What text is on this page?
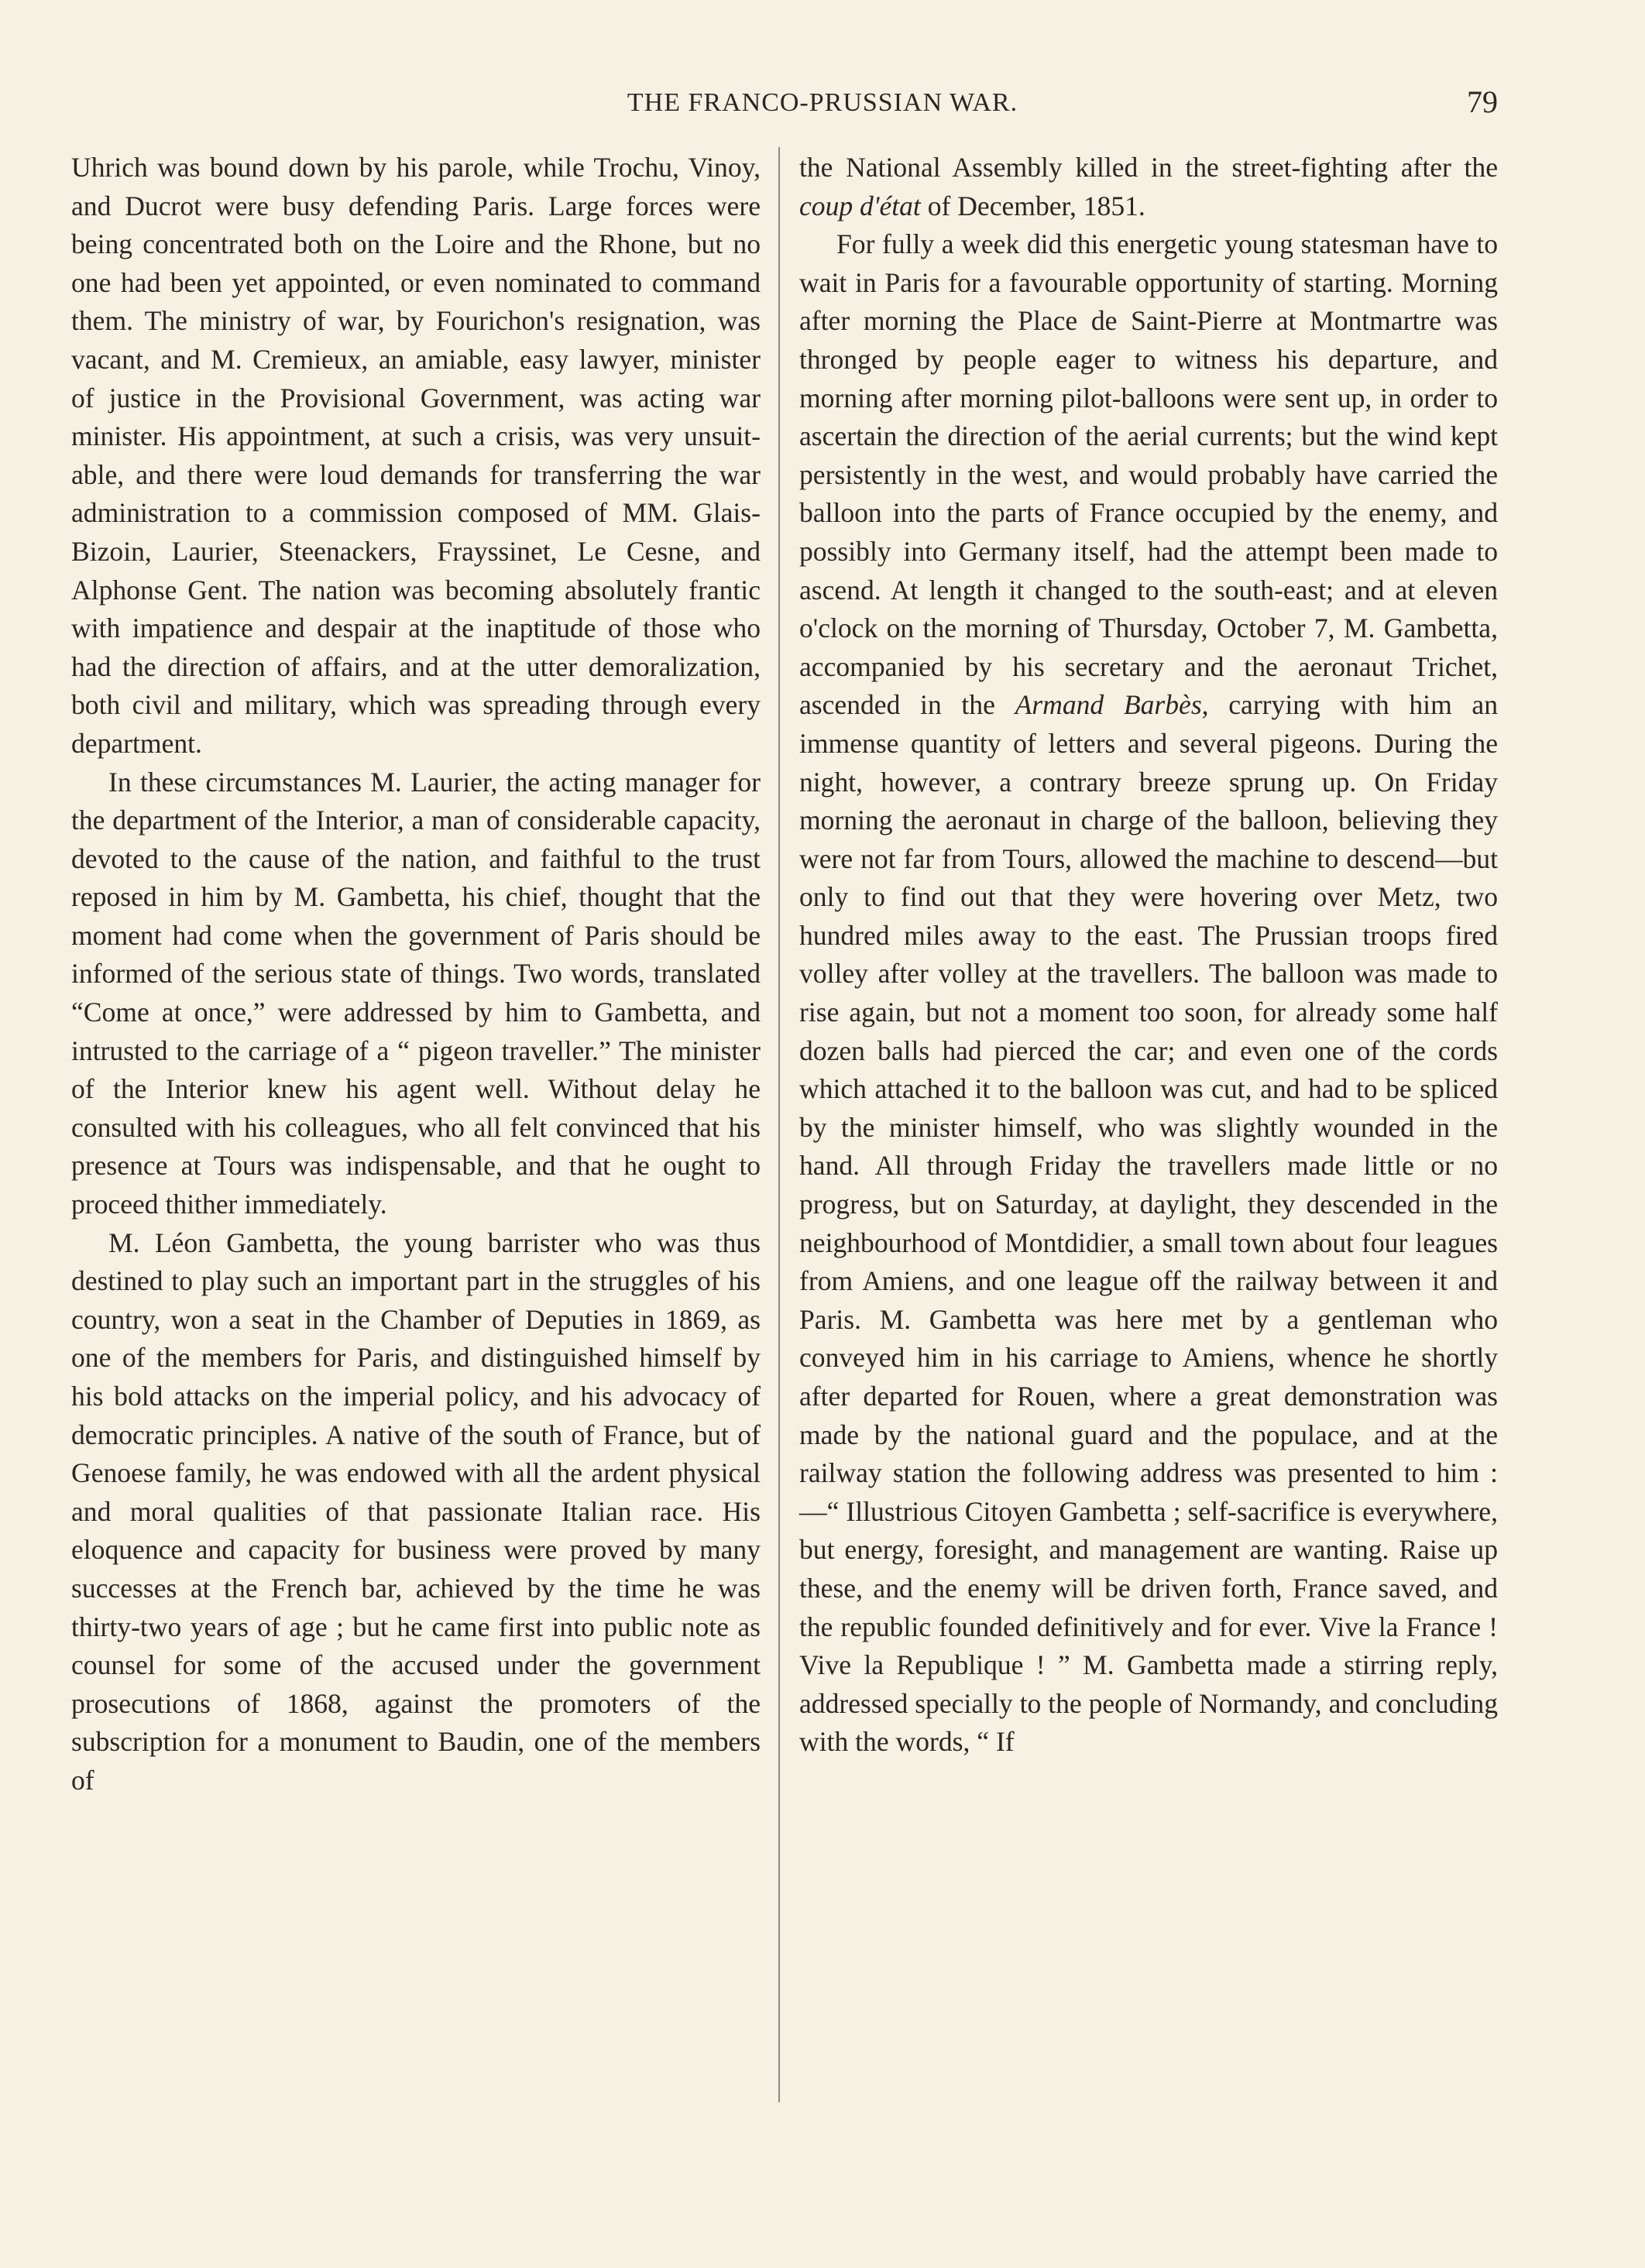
THE FRANCO-PRUSSIAN WAR.	79

Uhrich was bound down by his parole, while Trochu, Vinoy, and Ducrot were busy defending Paris. Large forces were being concentrated both on the Loire and the Rhone, but no one had been yet appointed, or even nominated to command them. The ministry of war, by Fourichon's resignation, was vacant, and M. Cremieux, an amiable, easy lawyer, minister of justice in the Provisional Government, was acting war minister. His appointment, at such a crisis, was very unsuitable, and there were loud demands for transferring the war administration to a commission composed of MM. Glais-Bizoin, Laurier, Steenackers, Frayssinet, Le Cesne, and Alphonse Gent. The nation was becoming absolutely frantic with impatience and despair at the inaptitude of those who had the direction of affairs, and at the utter demoralization, both civil and military, which was spreading through every department.

In these circumstances M. Laurier, the acting manager for the department of the Interior, a man of considerable capacity, devoted to the cause of the nation, and faithful to the trust reposed in him by M. Gambetta, his chief, thought that the moment had come when the government of Paris should be informed of the serious state of things. Two words, translated “Come at once,” were addressed by him to Gambetta, and intrusted to the carriage of a “ pigeon traveller.” The minister of the Interior knew his agent well. Without delay he consulted with his colleagues, who all felt convinced that his presence at Tours was indispensable, and that he ought to proceed thither immediately.

M. Léon Gambetta, the young barrister who was thus destined to play such an important part in the struggles of his country, won a seat in the Chamber of Deputies in 1869, as one of the members for Paris, and distinguished himself by his bold attacks on the imperial policy, and his advocacy of democratic principles. A native of the south of France, but of Genoese family, he was endowed with all the ardent physical and moral qualities of that passionate Italian race. His eloquence and capacity for business were proved by many successes at the French bar, achieved by the time he was thirty-two years of age ; but he came first into public note as counsel for some of the accused under the government prosecutions of 1868, against the promoters of the subscription for a monument to Baudin, one of the members of

the National Assembly killed in the street-fighting after the coup d'état of December, 1851.

For fully a week did this energetic young statesman have to wait in Paris for a favourable opportunity of starting. Morning after morning the Place de Saint-Pierre at Montmartre was thronged by people eager to witness his departure, and morning after morning pilot-balloons were sent up, in order to ascertain the direction of the aerial currents; but the wind kept persistently in the west, and would probably have carried the balloon into the parts of France occupied by the enemy, and possibly into Germany itself, had the attempt been made to ascend. At length it changed to the south-east; and at eleven o'clock on the morning of Thursday, October 7, M. Gambetta, accompanied by his secretary and the aeronaut Trichet, ascended in the Armand Barbès, carrying with him an immense quantity of letters and several pigeons. During the night, however, a contrary breeze sprung up. On Friday morning the aeronaut in charge of the balloon, believing they were not far from Tours, allowed the machine to descend—but only to find out that they were hovering over Metz, two hundred miles away to the east. The Prussian troops fired volley after volley at the travellers. The balloon was made to rise again, but not a moment too soon, for already some half dozen balls had pierced the car; and even one of the cords which attached it to the balloon was cut, and had to be spliced by the minister himself, who was slightly wounded in the hand. All through Friday the travellers made little or no progress, but on Saturday, at daylight, they descended in the neighbourhood of Montdidier, a small town about four leagues from Amiens, and one league off the railway between it and Paris. M. Gambetta was here met by a gentleman who conveyed him in his carriage to Amiens, whence he shortly after departed for Rouen, where a great demonstration was made by the national guard and the populace, and at the railway station the following address was presented to him :—“ Illustrious Citoyen Gambetta ; self-sacrifice is everywhere, but energy, foresight, and management are wanting. Raise up these, and the enemy will be driven forth, France saved, and the republic founded definitively and for ever. Vive la France ! Vive la Republique ! ” M. Gambetta made a stirring reply, addressed specially to the people of Normandy, and concluding with the words, “ If
